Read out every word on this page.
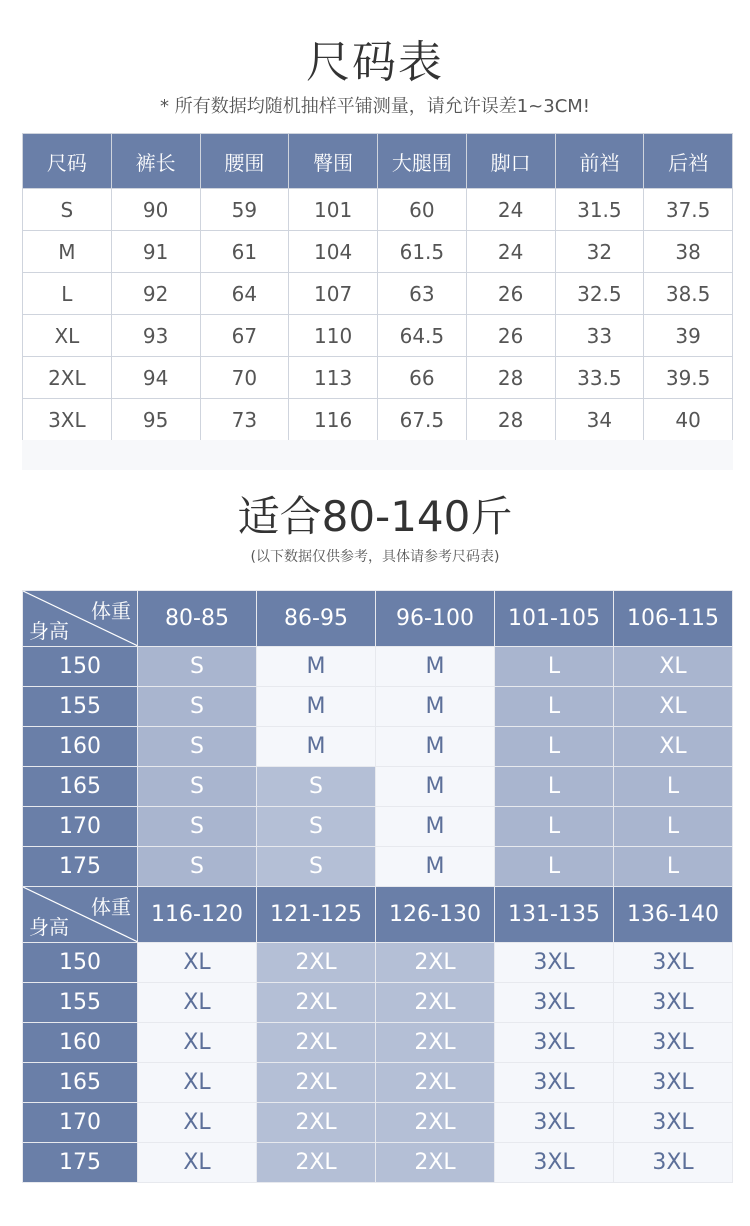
尺码表
* 所有数据均随机抽样平铺测量，请允许误差1~3CM!
尺码	裤长	腰围	臀围	大腿围	脚口	前裆	后裆
S	90	59	101	60	24	31.5	37.5
M	91	61	104	61.5	24	32	38
L	92	64	107	63	26	32.5	38.5
XL	93	67	110	64.5	26	33	39
2XL	94	70	113	66	28	33.5	39.5
3XL	95	73	116	67.5	28	34	40
适合80-140斤
(以下数据仅供参考，具体请参考尺码表)
体重
身高	80-85	86-95	96-100	101-105	106-115
150	S	M	M	L	XL
155	S	M	M	L	XL
160	S	M	M	L	XL
165	S	S	M	L	L
170	S	S	M	L	L
175	S	S	M	L	L

体重
身高	116-120	121-125	126-130	131-135	136-140
150	XL	2XL	2XL	3XL	3XL
155	XL	2XL	2XL	3XL	3XL
160	XL	2XL	2XL	3XL	3XL
165	XL	2XL	2XL	3XL	3XL
170	XL	2XL	2XL	3XL	3XL
175	XL	2XL	2XL	3XL	3XL
